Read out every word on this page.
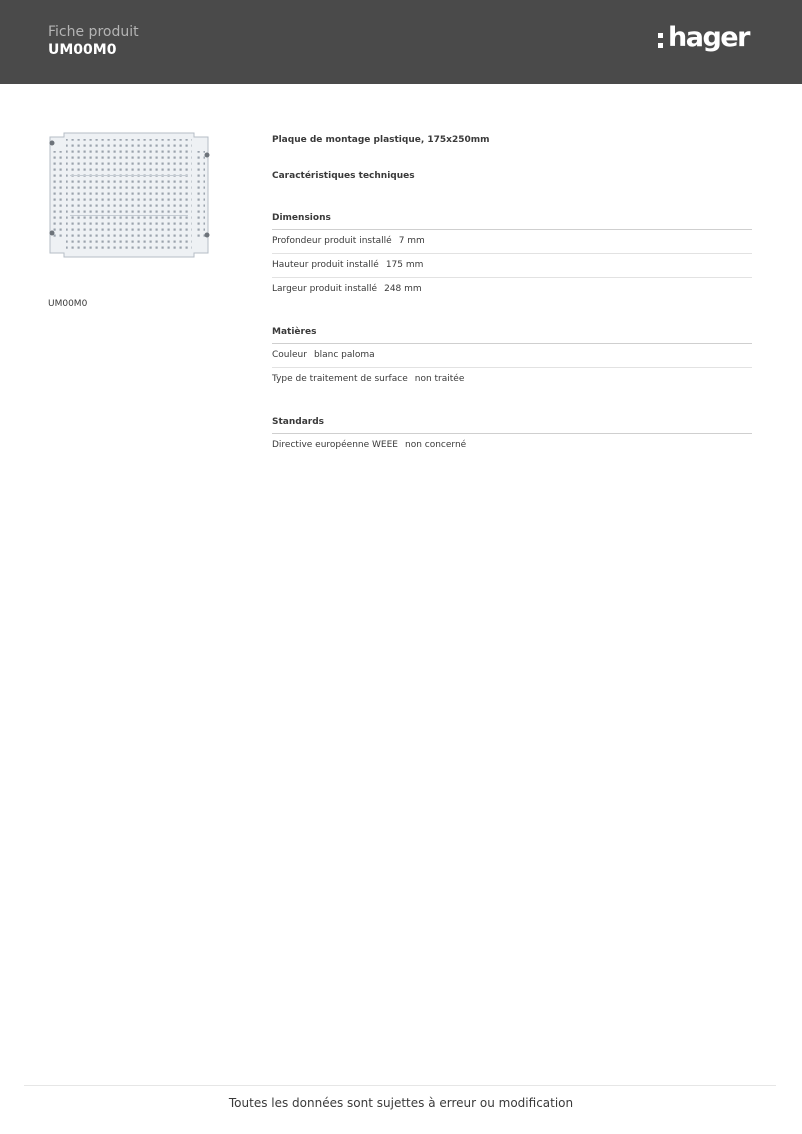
Fiche produit
UM00M0	hager
UM00M0
Plaque de montage plastique, 175x250mm
Caractéristiques techniques
Dimensions
Profondeur produit installé 7 mm
Hauteur produit installé 175 mm
Largeur produit installé 248 mm
Matières
Couleur blanc paloma
Type de traitement de surface non traitée
Standards
Directive européenne WEEE non concerné
Toutes les données sont sujettes à erreur ou modification
